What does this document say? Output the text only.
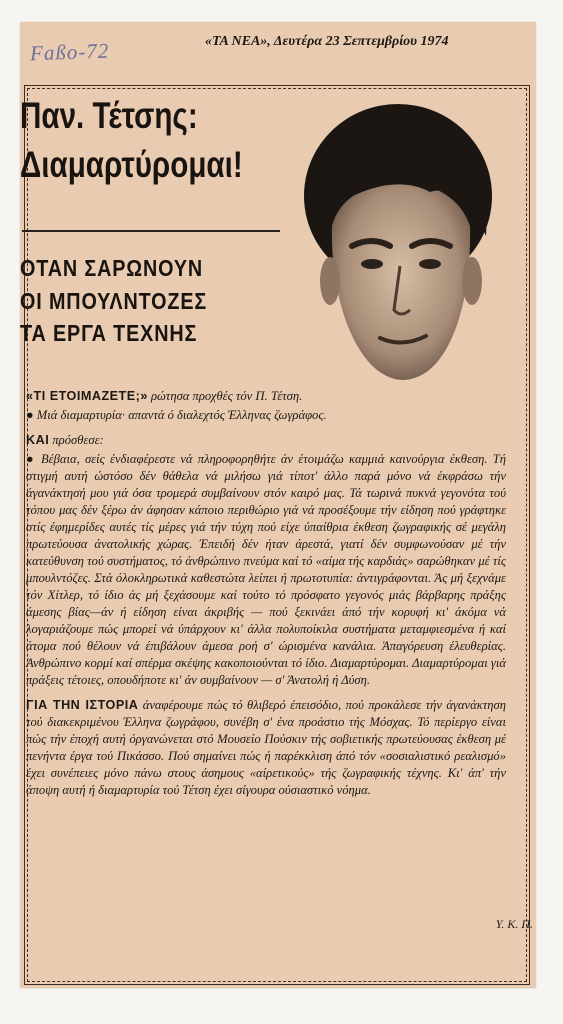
Faßo-72	«ΤΑ ΝΕΑ», Δευτέρα 23 Σεπτεμβρίου 1974
Παν. Τέτσης:
Διαμαρτύρομαι!
ΟΤΑΝ ΣΑΡΩΝΟΥΝ
ΟΙ ΜΠΟΥΛΝΤΟΖΕΣ
ΤΑ ΕΡΓΑ ΤΕΧΝΗΣ

«ΤΙ ΕΤΟΙΜΑΖΕΤΕ;» ρώτησα προχθές τόν Π. Τέτση.

● Μιά διαμαρτυρία· απαντά ό διαλεχτός Έλληνας ζωγράφος.

ΚΑΙ πρόσθεσε:

● Βέβαια, σείς ένδιαφέρεστε νά πληροφορηθήτε άν έτοιμάζω καμμιά καινούργια έκθεση. Τή στιγμή αυτή ώστόσο δέν θάθελα νά μιλήσω γιά τίποτ' άλλο παρά μόνο νά έκφράσω τήν άγανάκτησή μου γιά όσα τρομερά συμβαίνουν στόν καιρό μας. Τά τωρινά πυκνά γεγονότα τού τόπου μας δέν ξέρω άν άφησαν κάποιο περιθώριο γιά νά προσέξουμε τήν είδηση πού γράφτηκε στίς έφημερίδες αυτές τίς μέρες γιά τήν τύχη πού είχε ύπαίθρια έκθεση ζωγραφικής σέ μεγάλη πρωτεύουσα άνατολικής χώρας. Έπειδή δέν ήταν άρεστά, γιατί δέν συμφωνούσαν μέ τήν κατεύθυνση τού συστήματος, τό άνθρώπινο πνεύμα καί τό «αίμα τής καρδιάς» σαρώθηκαν μέ τίς μπουλντόζες. Στά όλοκληρωτικά καθεστώτα λείπει ή πρωτοτυπία: άντιγράφονται. Άς μή ξεχνάμε τόν Χίτλερ, τό ίδιο άς μή ξεχάσουμε καί τούτο τό πρόσφατο γεγονός μιάς βάρβαρης πράξης άμεσης βίας—άν ή είδηση είναι άκριβής — πού ξεκινάει άπό τήν κορυφή κι' άκόμα νά λογαριάζουμε πώς μπορεί νά ύπάρχουν κι' άλλα πολυποίκιλα συστήματα μεταμφιεσμένα ή καί άτομα πού θέλουν νά έπιβάλουν άμεσα ροή σ' ώρισμένα κανάλια. Άπαγόρευση έλευθερίας. Άνθρώπινο κορμί καί σπέρμα σκέψης κακοποιούνται τό ίδιο. Διαμαρτύρομαι. Διαμαρτύρομαι γιά πράξεις τέτοιες, οπουδήποτε κι' άν συμβαίνουν — σ' Άνατολή ή Δύση.

ΓΙΑ ΤΗΝ ΙΣΤΟΡΙΑ άναφέρουμε πώς τό θλιβερό έπεισόδιο, πού προκάλεσε τήν άγανάκτηση τού διακεκριμένου Έλληνα ζωγράφου, συνέβη σ' ένα προάστιο τής Μόσχας. Τό περίεργο είναι πώς τήν έποχή αυτή όργανώνεται στό Μουσείο Πούσκιν τής σοβιετικής πρωτεύουσας έκθεση μέ πενήντα έργα τού Πικάσσο. Πού σημαίνει πώς ή παρέκκλιση άπό τόν «σοσιαλιστικό ρεαλισμό» έχει συνέπειες μόνο πάνω στους άσημους «αίρετικούς» τής ζωγραφικής τέχνης. Κι' άπ' τήν άποψη αυτή ή διαμαρτυρία τού Τέτση έχει σίγουρα ούσιαστικό νόημα.

Υ. Κ. Π.
